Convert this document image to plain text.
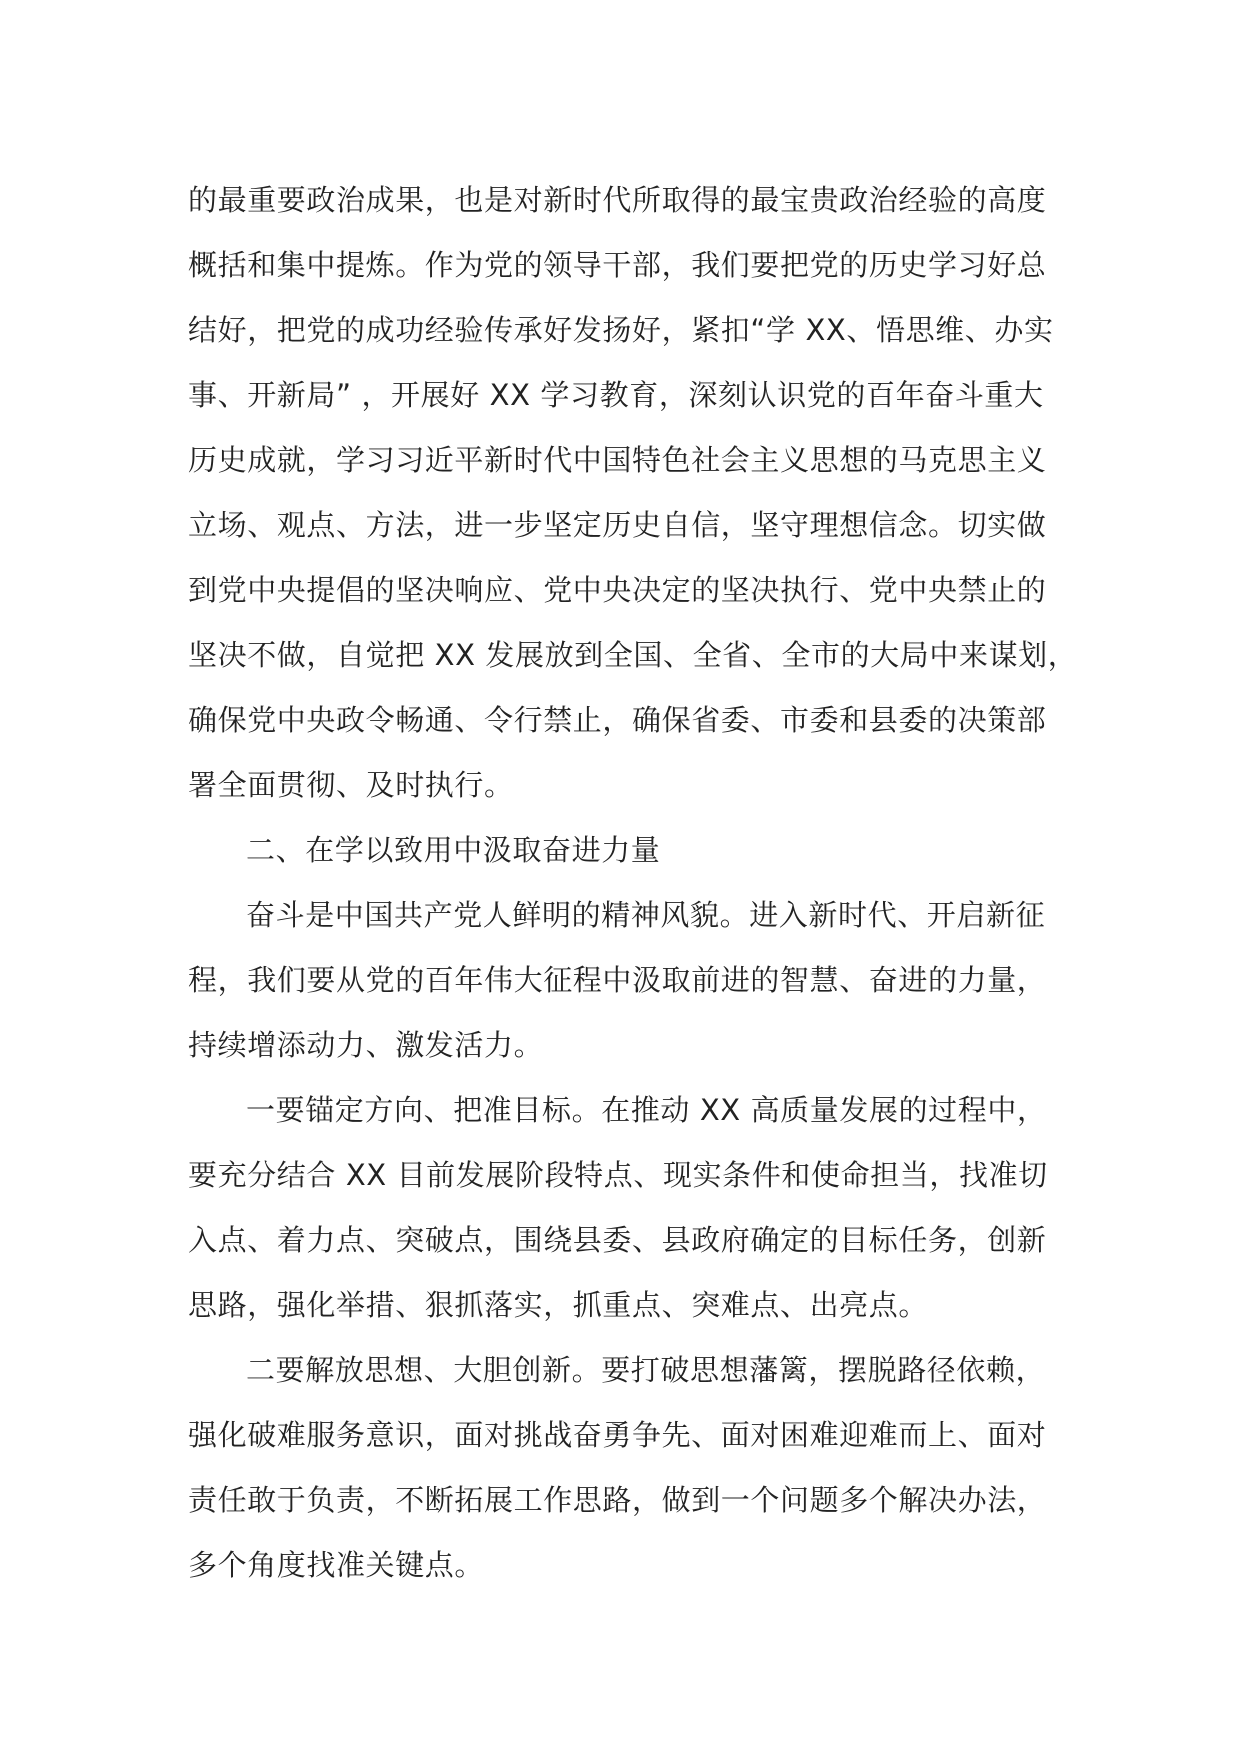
的最重要政治成果，也是对新时代所取得的最宝贵政治经验的高度
概括和集中提炼。作为党的领导干部，我们要把党的历史学习好总
结好，把党的成功经验传承好发扬好，紧扣“学 XX、悟思维、办实
事、开新局” ，开展好 XX 学习教育，深刻认识党的百年奋斗重大
历史成就，学习习近平新时代中国特色社会主义思想的马克思主义
立场、观点、方法，进一步坚定历史自信，坚守理想信念。切实做
到党中央提倡的坚决响应、党中央决定的坚决执行、党中央禁止的
坚决不做，自觉把 XX 发展放到全国、全省、全市的大局中来谋划，
确保党中央政令畅通、令行禁止，确保省委、市委和县委的决策部
署全面贯彻、及时执行。
二、在学以致用中汲取奋进力量
奋斗是中国共产党人鲜明的精神风貌。进入新时代、开启新征
程，我们要从党的百年伟大征程中汲取前进的智慧、奋进的力量，
持续增添动力、激发活力。
一要锚定方向、把准目标。在推动 XX 高质量发展的过程中，
要充分结合 XX 目前发展阶段特点、现实条件和使命担当，找准切
入点、着力点、突破点，围绕县委、县政府确定的目标任务，创新
思路，强化举措、狠抓落实，抓重点、突难点、出亮点。
二要解放思想、大胆创新。要打破思想藩篱，摆脱路径依赖，
强化破难服务意识，面对挑战奋勇争先、面对困难迎难而上、面对
责任敢于负责，不断拓展工作思路，做到一个问题多个解决办法，
多个角度找准关键点。
